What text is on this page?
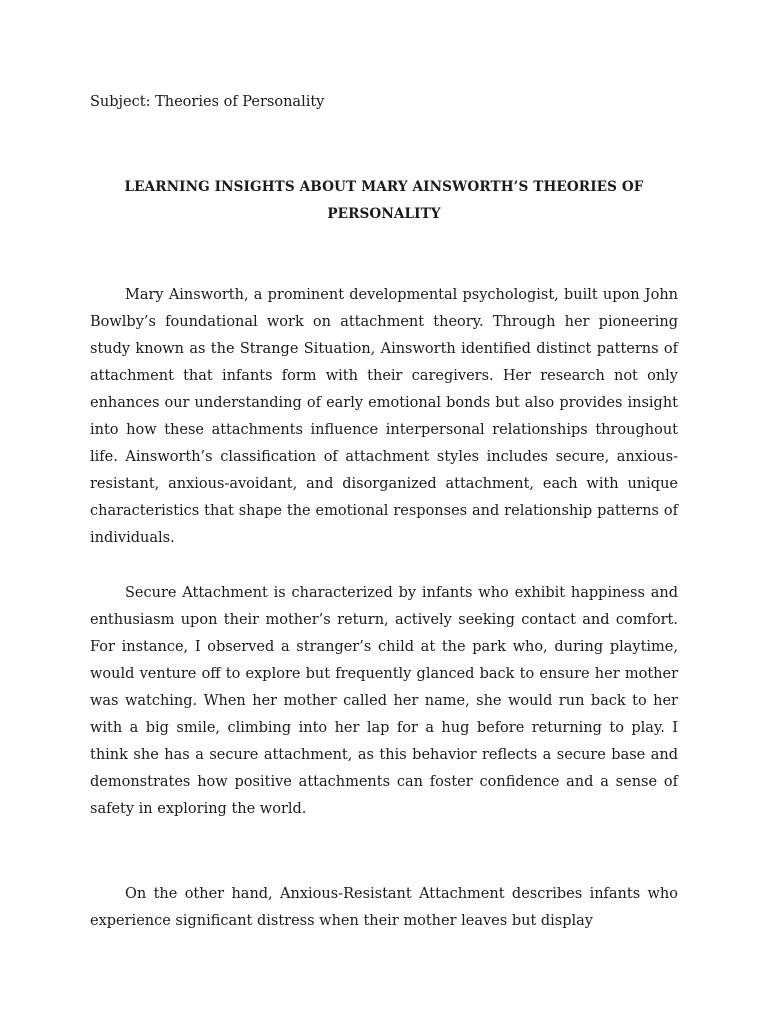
Subject: Theories of Personality
LEARNING INSIGHTS ABOUT MARY AINSWORTH’S THEORIES OF
PERSONALITY

Mary Ainsworth, a prominent developmental psychologist, built upon John Bowlby’s foundational work on attachment theory. Through her pioneering study known as the Strange Situation, Ainsworth identified distinct patterns of attachment that infants form with their caregivers. Her research not only enhances our understanding of early emotional bonds but also provides insight into how these attachments influence interpersonal relationships throughout life. Ainsworth’s classification of attachment styles includes secure, anxious-resistant, anxious-avoidant, and disorganized attachment, each with unique characteristics that shape the emotional responses and relationship patterns of individuals.

Secure Attachment is characterized by infants who exhibit happiness and enthusiasm upon their mother’s return, actively seeking contact and comfort. For instance, I observed a stranger’s child at the park who, during playtime, would venture off to explore but frequently glanced back to ensure her mother was watching. When her mother called her name, she would run back to her with a big smile, climbing into her lap for a hug before returning to play. I think she has a secure attachment, as this behavior reflects a secure base and demonstrates how positive attachments can foster confidence and a sense of safety in exploring the world.

On the other hand, Anxious-Resistant Attachment describes infants who experience significant distress when their mother leaves but display
